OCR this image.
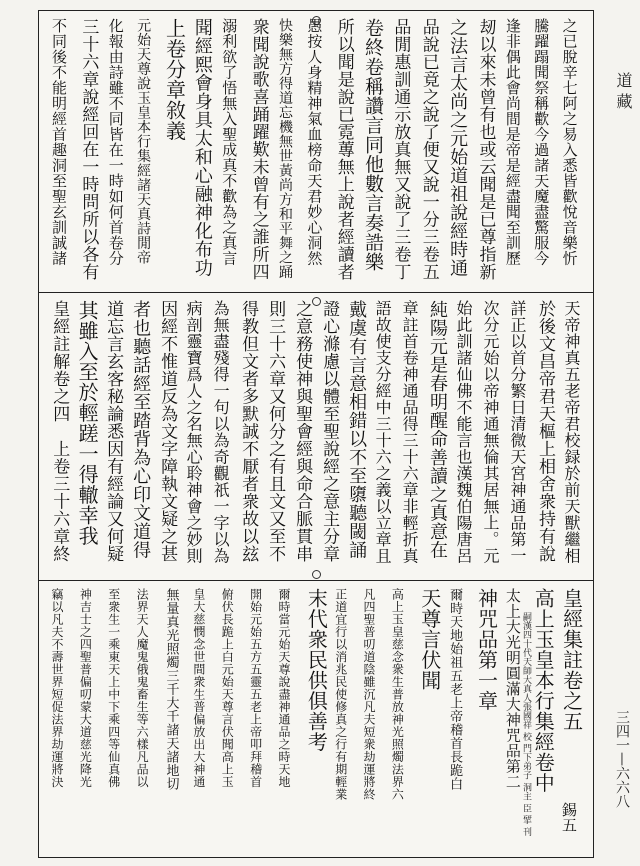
道 藏
三四一—六六八
之已脫辛七阿之易入悉皆歡悅音樂忻
騰躍蹋聞祭稱歡今過諸天魔盡驚服今
逢非偶此會尚間是帝是經盡聞至訓歷
刼以來未曾有也或云聞是已尊指新
之法言太尚之元始道祖說經時通
品說已竟之說了便又說一分三卷五
品閒惠訓通示放真無又說了三卷丁
卷終卷稱讚言同他數言奏誥樂
所以聞是說已霓蓴無上說者經讀者
愚按人身精神氣血榜命天君妙心洞然
快樂無方得道忘機無世黃尚方和平舞之踊
衆聞說歌喜踊躍歎未曾有之誰所四
溺利欲了悟無入聖成真不歡為之真言
聞經熙會身具太和心融神化布功
上卷分章敘義
元始天尊說玉皇本行集經諸天真詩閒帝
化報由詩雖不同皆在一時如何首卷分
三十六章說經回在一時問所以各有
不同後不能明經首趣洞至聖玄訓誠諸
天帝神真五老帝君校録於前天獸繼相
於後文昌帝君天樞上相舍衆持有說
詳正以首分繁日清微天宮神通品第一
次分元始以帝神通無倫其居無上。元
始此訓諸仙佛不能言也漢魏伯陽唐呂
純陽元是春明醒命善讀之真意在
章註首卷神通品得三十六章非輕折真
語故使支分經中三十六之義以立章且
戴虞有言意相錯以不至隳聽閾誦
證心滌慮以體至聖說經之意主分章
之意務使神與聖會經與命合脈貫串
則三十六章又何分之有且文又至不
得教但文者多默誠不厭者衆故以玆
為無盡殘得一句以為奇觀祇一字以為
病剖靈寶爲人之名無心聆神會之妙則
因經不惟道反為文字障執文疑之甚
者也聽話經至踏背為心印文道得
道忘言玄客秘論悉因有經論又何疑
其雖入至於輕蹉一得轍幸我
皇經註解卷之四　上卷三十六章終
皇經集註卷之五
高上玉皇本行集經卷中
太上大光明圓滿大神咒品第二
神咒品第一章
爾時天地始祖五老上帝稽首長跪白
天尊言伏聞
高上玉皇慈念衆生普放神光照燭法界六
凡四聖普叨道陰雖沉凡夫短衆劫運將終
正道宜行以消兆民使修真之行有期輕業
末代衆民供俱善考
爾時當元始天尊說盡神通品之時天地
開始元始五方五靈五老上帝叩拜稽首
俯伏長跪上白元始天尊言伏聞高上玉
皇大慈憫念世間衆生普偏放出大神通
無量真光照燭三千大千諸天諸地切
法界天人魔鬼俄鬼畜生等六樣凡品以
至衆生一乘東天上中下乘四等仙真佛
神吉士之四聖普偏叨蒙大道慈光降光
竊以凡夫不壽世界短促法界劫運將決	嗣漢四十代天師大真人張國祥 校 門下弟子 洞主 臣 揅 刊 錫五
